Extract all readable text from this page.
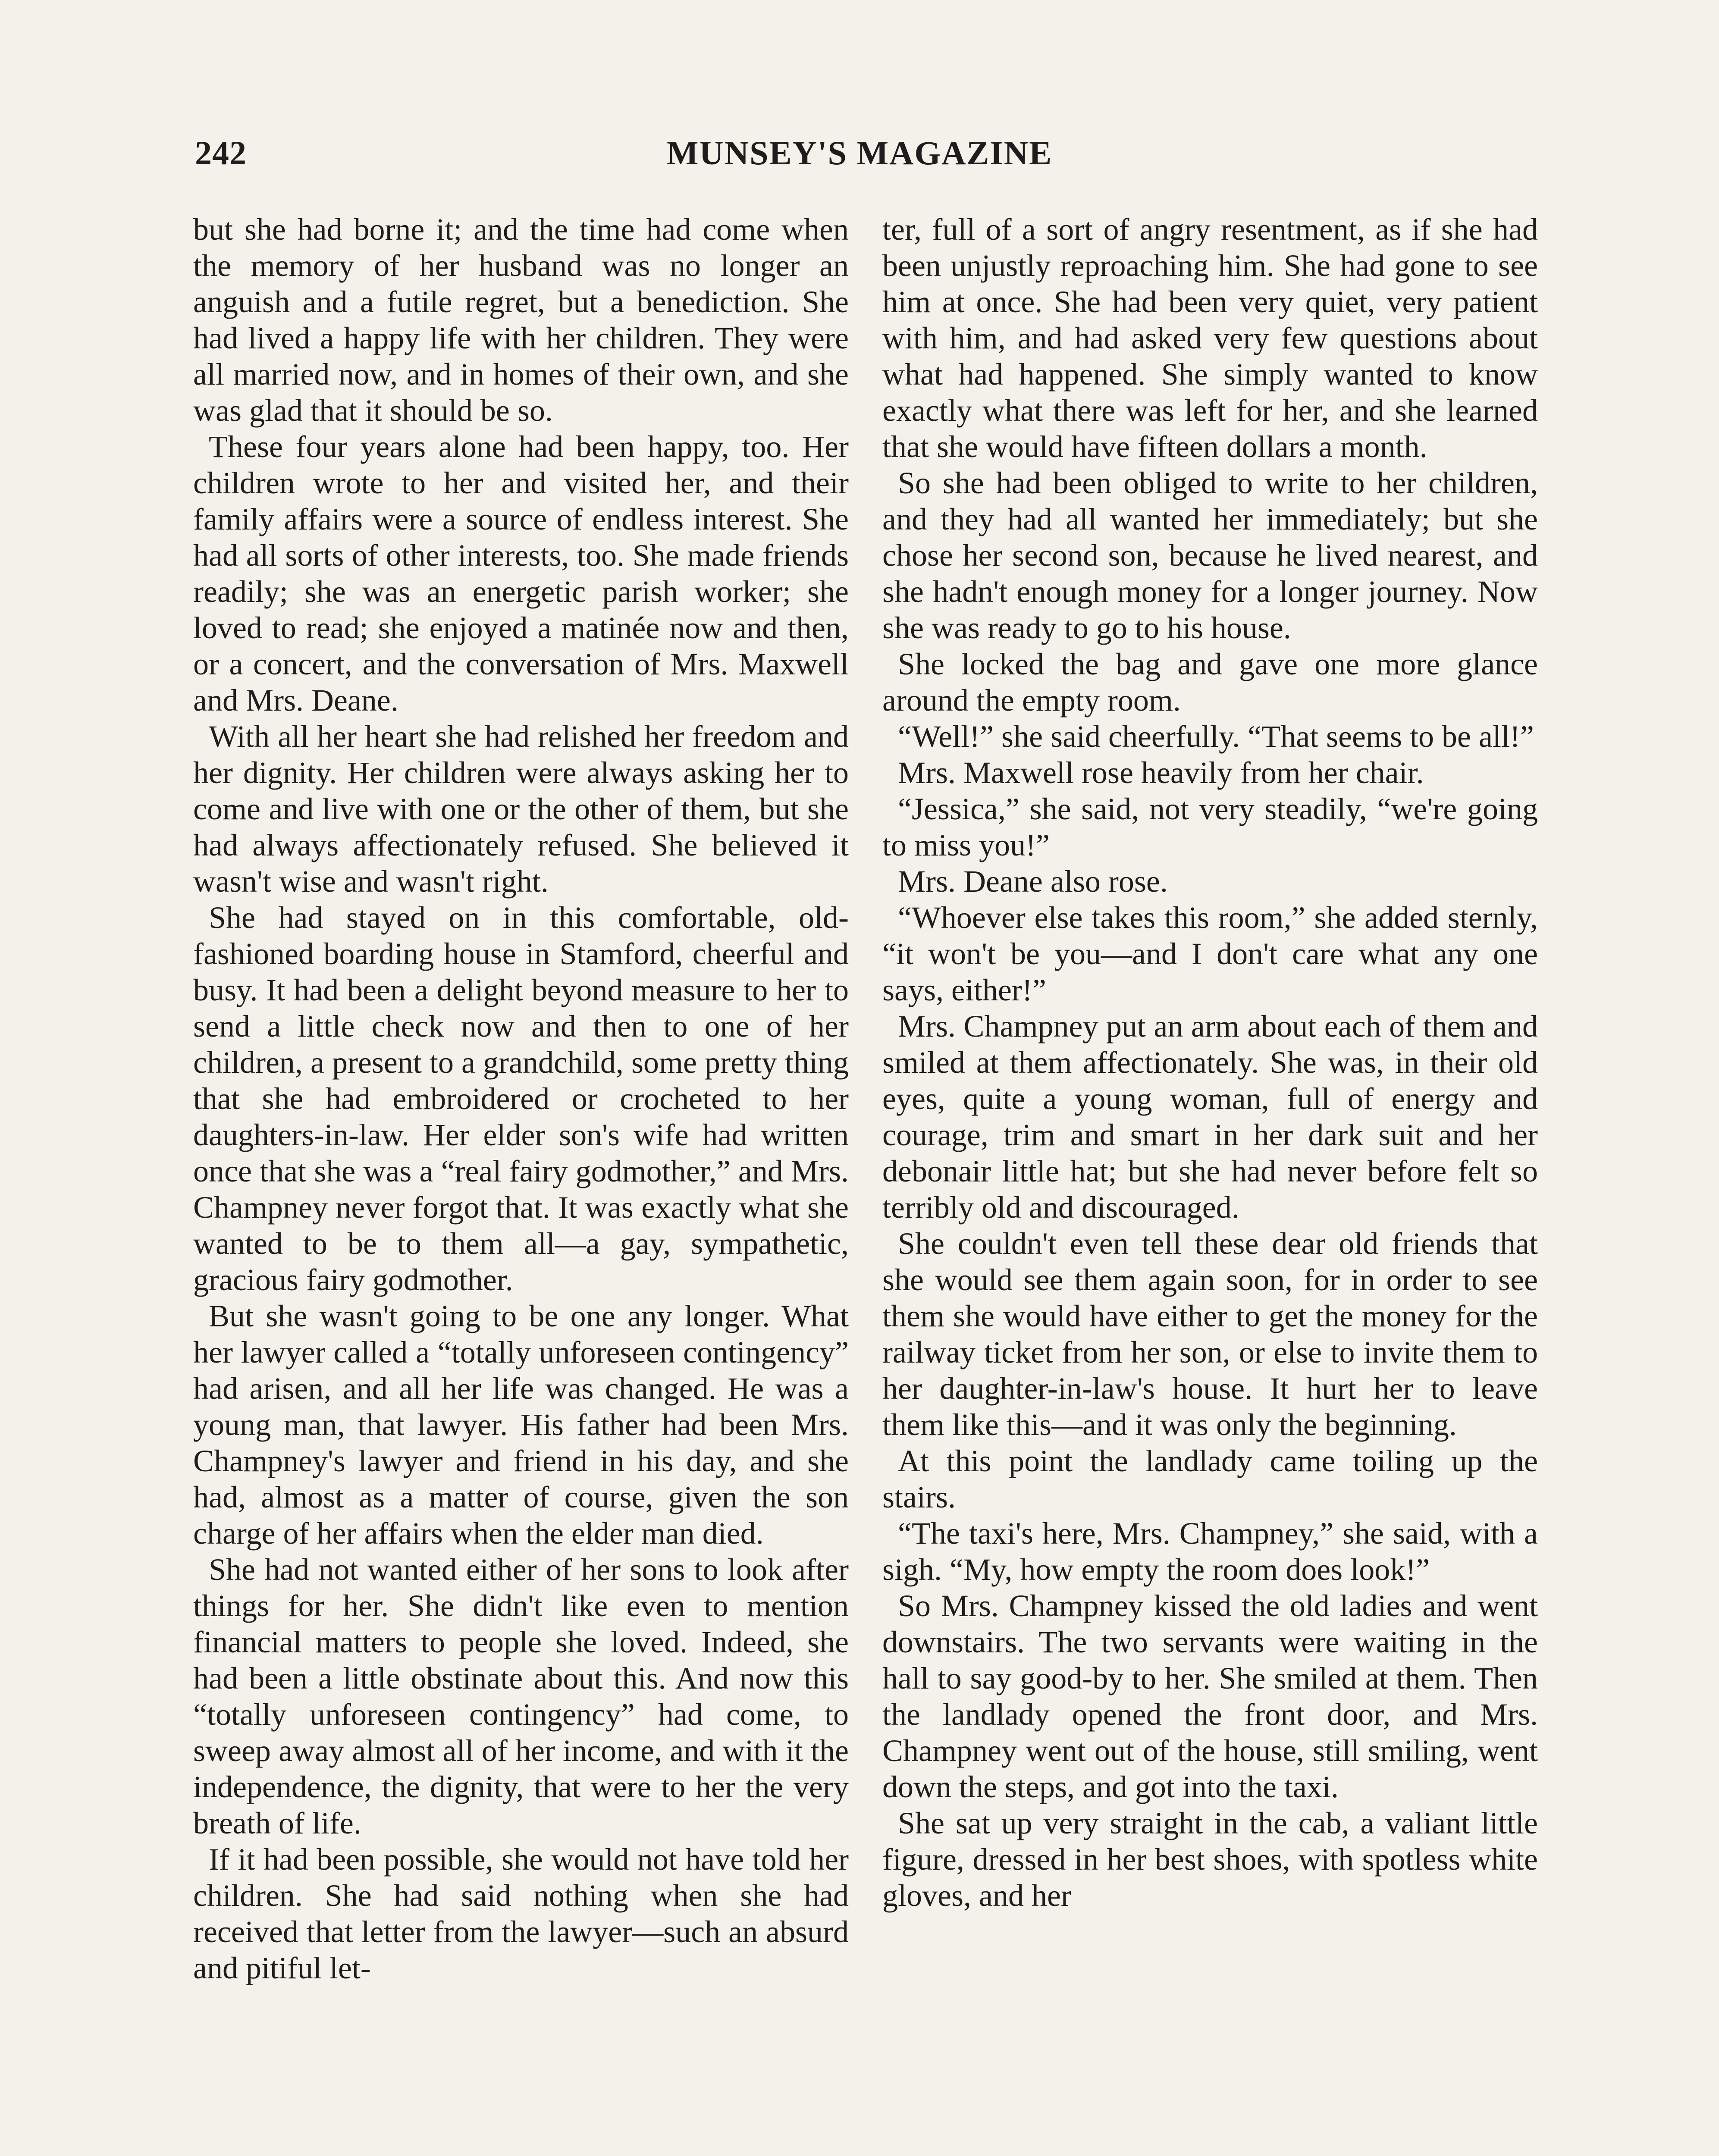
242	MUNSEY'S MAGAZINE

but she had borne it; and the time had come when the memory of her husband was no longer an anguish and a futile regret, but a benediction. She had lived a happy life with her children. They were all married now, and in homes of their own, and she was glad that it should be so.

These four years alone had been happy, too. Her children wrote to her and visited her, and their family affairs were a source of endless interest. She had all sorts of other interests, too. She made friends readily; she was an energetic parish worker; she loved to read; she enjoyed a matinée now and then, or a concert, and the conversation of Mrs. Maxwell and Mrs. Deane.

With all her heart she had relished her freedom and her dignity. Her children were always asking her to come and live with one or the other of them, but she had always affectionately refused. She believed it wasn't wise and wasn't right.

She had stayed on in this comfortable, old-fashioned boarding house in Stamford, cheerful and busy. It had been a delight beyond measure to her to send a little check now and then to one of her children, a present to a grandchild, some pretty thing that she had embroidered or crocheted to her daughters-in-law. Her elder son's wife had written once that she was a “real fairy godmother,” and Mrs. Champney never forgot that. It was exactly what she wanted to be to them all—a gay, sympathetic, gracious fairy godmother.

But she wasn't going to be one any longer. What her lawyer called a “totally unforeseen contingency” had arisen, and all her life was changed. He was a young man, that lawyer. His father had been Mrs. Champney's lawyer and friend in his day, and she had, almost as a matter of course, given the son charge of her affairs when the elder man died.

She had not wanted either of her sons to look after things for her. She didn't like even to mention financial matters to people she loved. Indeed, she had been a little obstinate about this. And now this “totally unforeseen contingency” had come, to sweep away almost all of her income, and with it the independence, the dignity, that were to her the very breath of life.

If it had been possible, she would not have told her children. She had said nothing when she had received that letter from the lawyer—such an absurd and pitiful let-

ter, full of a sort of angry resentment, as if she had been unjustly reproaching him. She had gone to see him at once. She had been very quiet, very patient with him, and had asked very few questions about what had happened. She simply wanted to know exactly what there was left for her, and she learned that she would have fifteen dollars a month.

So she had been obliged to write to her children, and they had all wanted her immediately; but she chose her second son, because he lived nearest, and she hadn't enough money for a longer journey. Now she was ready to go to his house.

She locked the bag and gave one more glance around the empty room.

“Well!” she said cheerfully. “That seems to be all!”

Mrs. Maxwell rose heavily from her chair.

“Jessica,” she said, not very steadily, “we're going to miss you!”

Mrs. Deane also rose.

“Whoever else takes this room,” she added sternly, “it won't be you—and I don't care what any one says, either!”

Mrs. Champney put an arm about each of them and smiled at them affectionately. She was, in their old eyes, quite a young woman, full of energy and courage, trim and smart in her dark suit and her debonair little hat; but she had never before felt so terribly old and discouraged.

She couldn't even tell these dear old friends that she would see them again soon, for in order to see them she would have either to get the money for the railway ticket from her son, or else to invite them to her daughter-in-law's house. It hurt her to leave them like this—and it was only the beginning.

At this point the landlady came toiling up the stairs.

“The taxi's here, Mrs. Champney,” she said, with a sigh. “My, how empty the room does look!”

So Mrs. Champney kissed the old ladies and went downstairs. The two servants were waiting in the hall to say good-by to her. She smiled at them. Then the landlady opened the front door, and Mrs. Champney went out of the house, still smiling, went down the steps, and got into the taxi.

She sat up very straight in the cab, a valiant little figure, dressed in her best shoes, with spotless white gloves, and her
